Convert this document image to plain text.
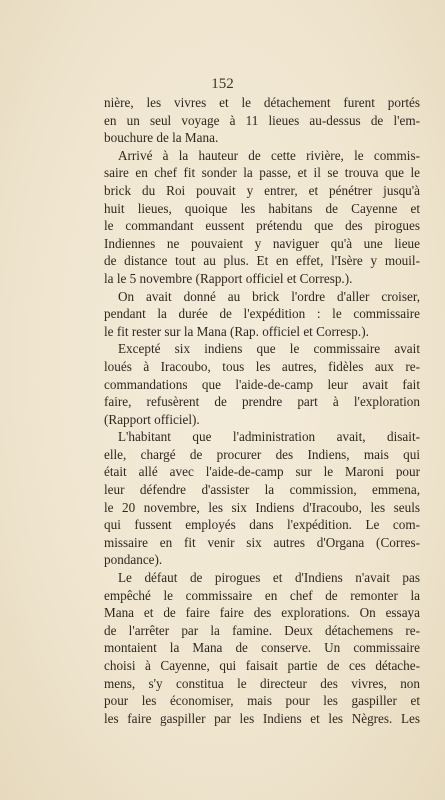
152
nière, les vivres et le détachement furent portés
en un seul voyage à 11 lieues au-dessus de l'em-
bouchure de la Mana.
Arrivé à la hauteur de cette rivière, le commis-
saire en chef fit sonder la passe, et il se trouva que le
brick du Roi pouvait y entrer, et pénétrer jusqu'à
huit lieues, quoique les habitans de Cayenne et
le commandant eussent prétendu que des pirogues
Indiennes ne pouvaient y naviguer qu'à une lieue
de distance tout au plus. Et en effet, l'Isère y mouil-
la le 5 novembre (Rapport officiel et Corresp.).
On avait donné au brick l'ordre d'aller croiser,
pendant la durée de l'expédition : le commissaire
le fit rester sur la Mana (Rap. officiel et Corresp.).
Excepté six indiens que le commissaire avait
loués à Iracoubo, tous les autres, fidèles aux re-
commandations que l'aide-de-camp leur avait fait
faire, refusèrent de prendre part à l'exploration
(Rapport officiel).
L'habitant que l'administration avait, disait-
elle, chargé de procurer des Indiens, mais qui
était allé avec l'aide-de-camp sur le Maroni pour
leur défendre d'assister la commission, emmena,
le 20 novembre, les six Indiens d'Iracoubo, les seuls
qui fussent employés dans l'expédition. Le com-
missaire en fit venir six autres d'Organa (Corres-
pondance).
Le défaut de pirogues et d'Indiens n'avait pas
empêché le commissaire en chef de remonter la
Mana et de faire faire des explorations. On essaya
de l'arrêter par la famine. Deux détachemens re-
montaient la Mana de conserve. Un commissaire
choisi à Cayenne, qui faisait partie de ces détache-
mens, s'y constitua le directeur des vivres, non
pour les économiser, mais pour les gaspiller et
les faire gaspiller par les Indiens et les Nègres. Les
